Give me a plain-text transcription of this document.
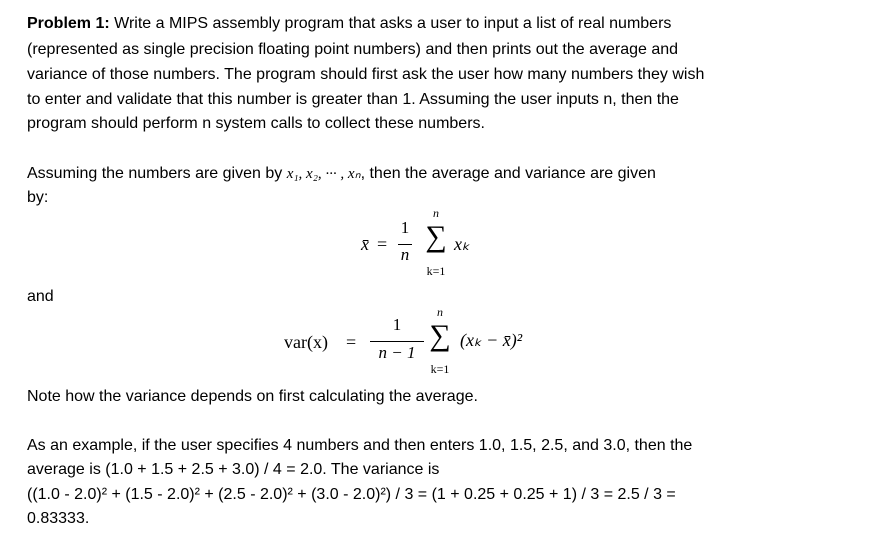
Problem 1: Write a MIPS assembly program that asks a user to input a list of real numbers
(represented as single precision floating point numbers) and then prints out the average and
variance of those numbers. The program should first ask the user how many numbers they wish
to enter and validate that this number is greater than 1. Assuming the user inputs n, then the
program should perform n system calls to collect these numbers.
Assuming the numbers are given by x₁, x₂, ··· , xₙ, then the average and variance are given
by:
x̄ =
1
n
n
∑
k=1
xₖ
and
var(x) =
1
n − 1
n
∑
k=1
(xₖ − x̄)²
Note how the variance depends on first calculating the average.
As an example, if the user specifies 4 numbers and then enters 1.0, 1.5, 2.5, and 3.0, then the
average is (1.0 + 1.5 + 2.5 + 3.0) / 4 = 2.0. The variance is
((1.0 - 2.0)² + (1.5 - 2.0)² + (2.5 - 2.0)² + (3.0 - 2.0)²) / 3 = (1 + 0.25 + 0.25 + 1) / 3 = 2.5 / 3 =
0.83333.
